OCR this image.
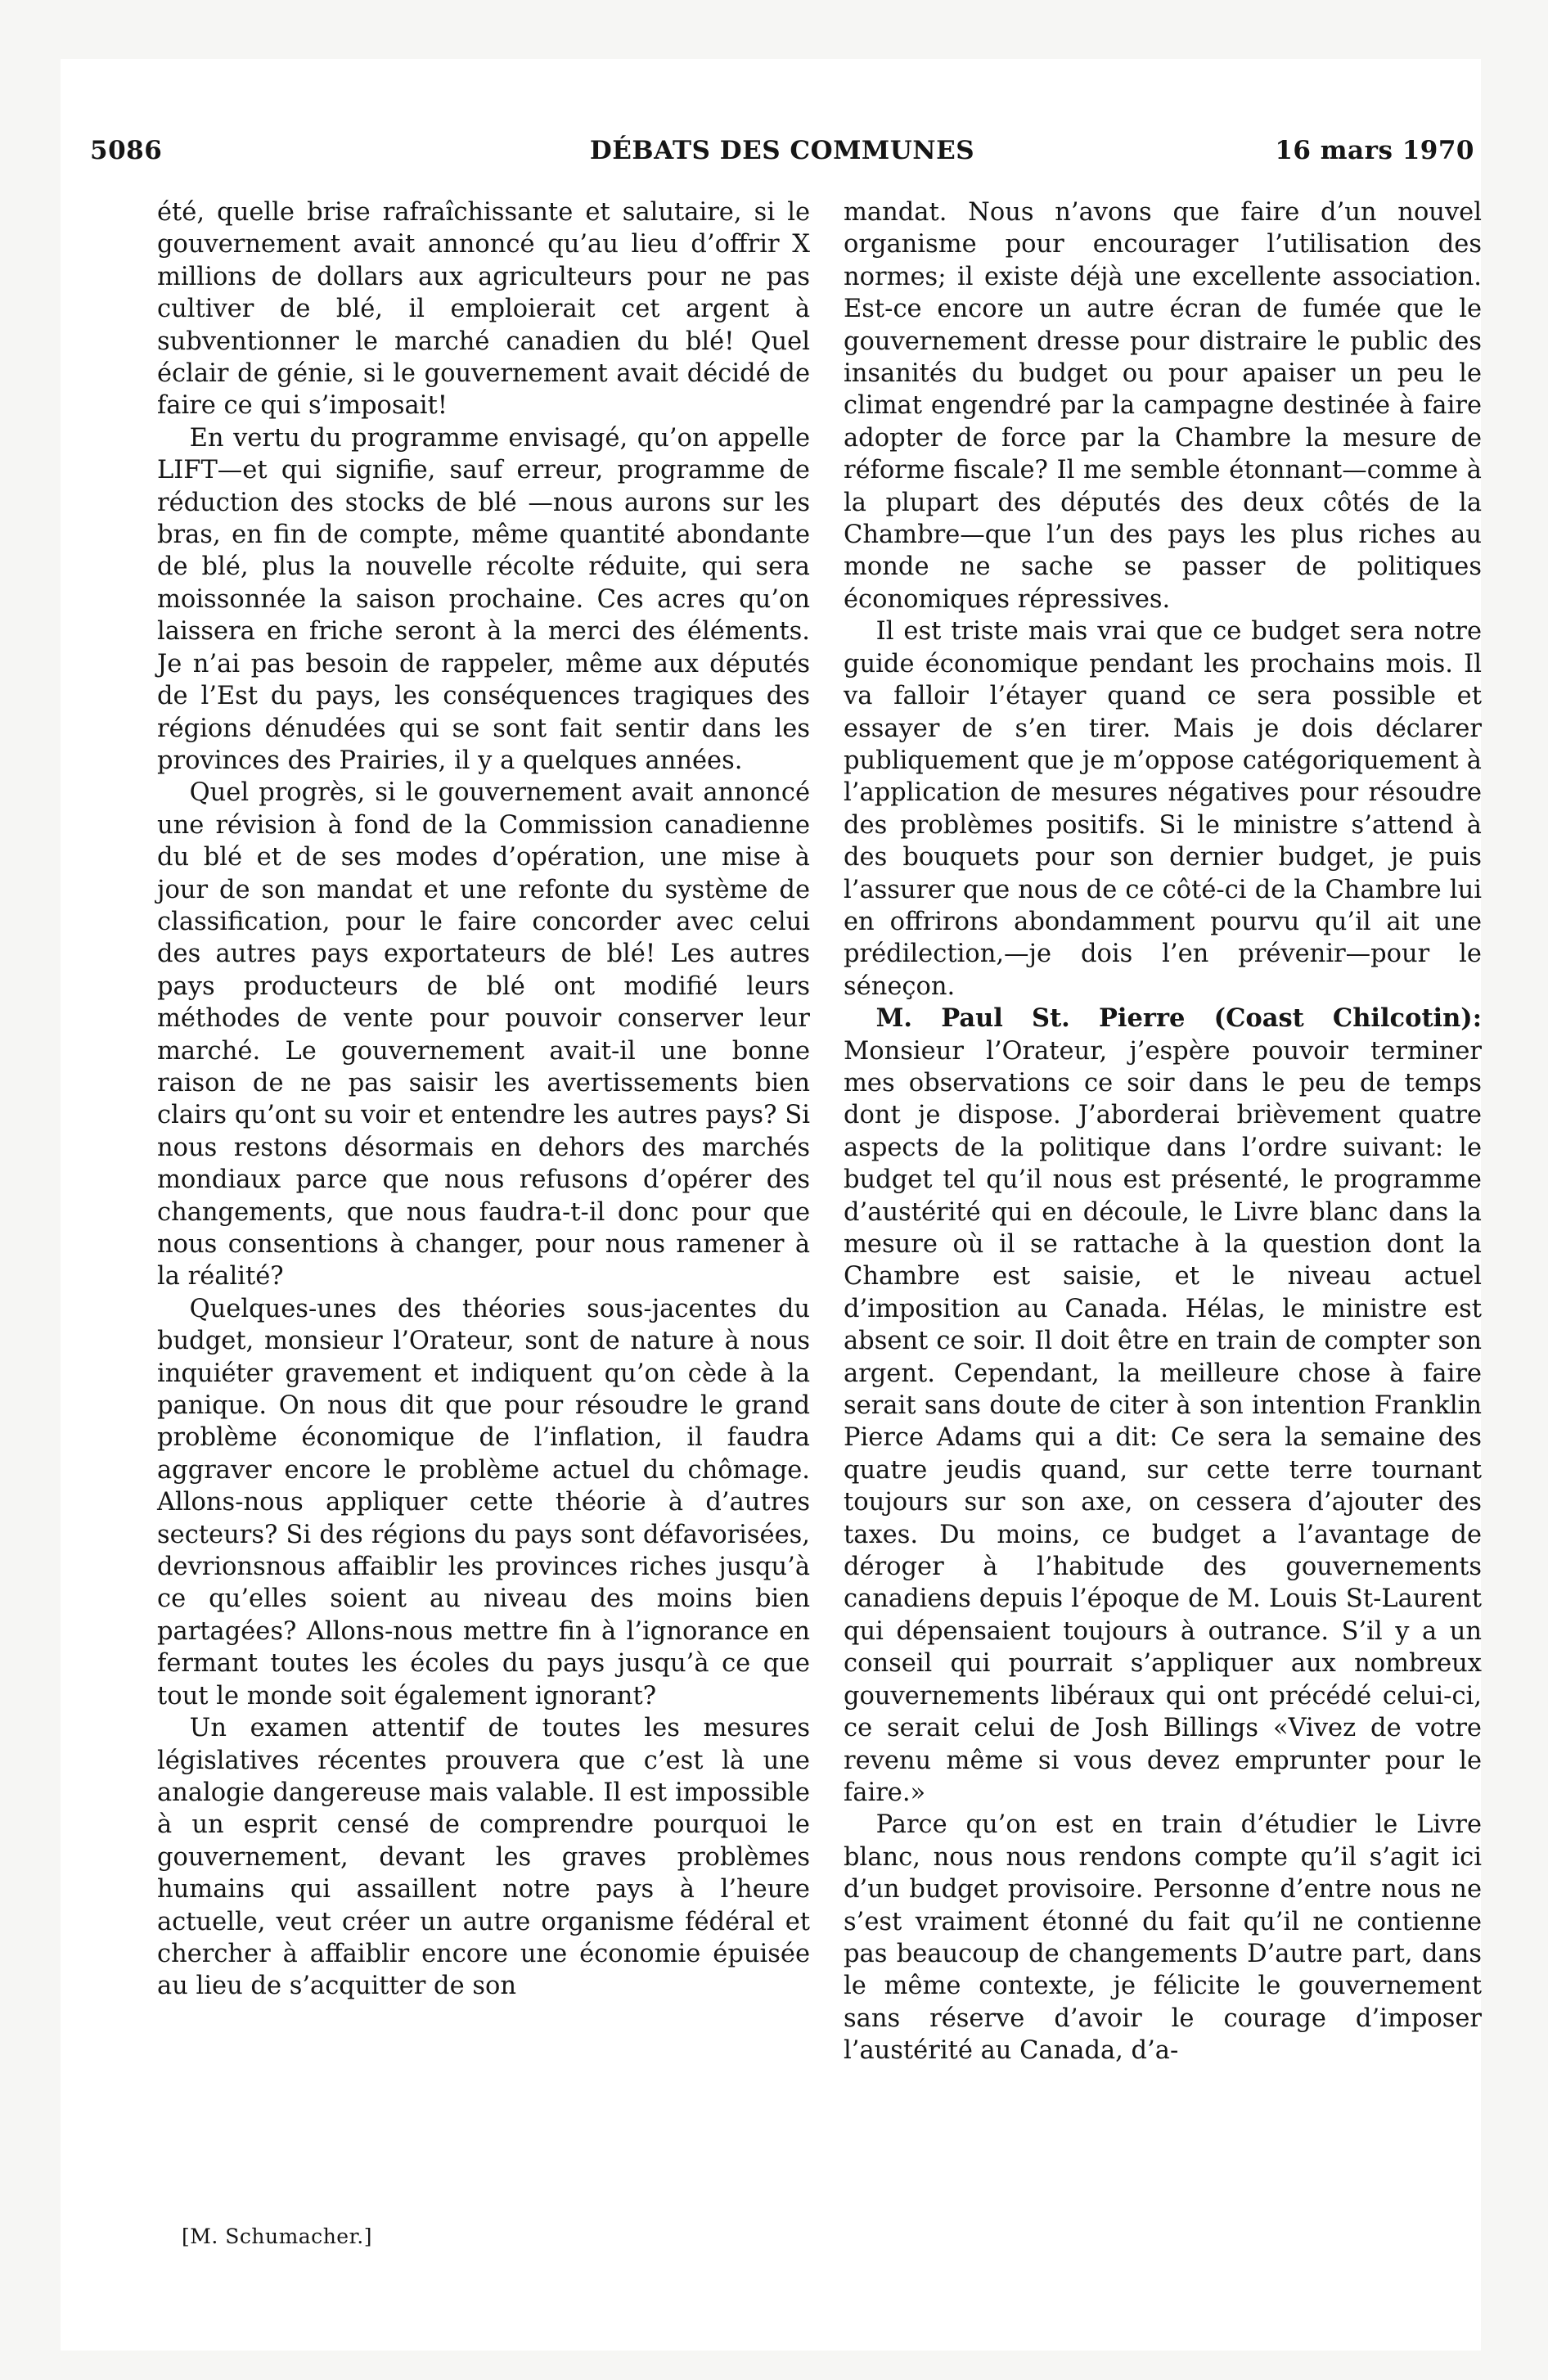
5086	DÉBATS DES COMMUNES	16 mars 1970

été, quelle brise rafraîchissante et salutaire, si le gouvernement avait annoncé qu’au lieu d’offrir X millions de dollars aux agriculteurs pour ne pas cultiver de blé, il emploierait cet argent à subventionner le marché canadien du blé! Quel éclair de génie, si le gouvernement avait décidé de faire ce qui s’imposait!

En vertu du programme envisagé, qu’on appelle LIFT—et qui signifie, sauf erreur, programme de réduction des stocks de blé —nous aurons sur les bras, en fin de compte, même quantité abondante de blé, plus la nouvelle récolte réduite, qui sera moissonnée la saison prochaine. Ces acres qu’on laissera en friche seront à la merci des éléments. Je n’ai pas besoin de rappeler, même aux députés de l’Est du pays, les conséquences tragiques des régions dénudées qui se sont fait sentir dans les provinces des Prairies, il y a quelques années.

Quel progrès, si le gouvernement avait annoncé une révision à fond de la Commission canadienne du blé et de ses modes d’opération, une mise à jour de son mandat et une refonte du système de classification, pour le faire concorder avec celui des autres pays exportateurs de blé! Les autres pays producteurs de blé ont modifié leurs méthodes de vente pour pouvoir conserver leur marché. Le gouvernement avait-il une bonne raison de ne pas saisir les avertissements bien clairs qu’ont su voir et entendre les autres pays? Si nous restons désormais en dehors des marchés mondiaux parce que nous refusons d’opérer des changements, que nous faudra-t-il donc pour que nous consentions à changer, pour nous ramener à la réalité?

Quelques-unes des théories sous-jacentes du budget, monsieur l’Orateur, sont de nature à nous inquiéter gravement et indiquent qu’on cède à la panique. On nous dit que pour résoudre le grand problème économique de l’inflation, il faudra aggraver encore le problème actuel du chômage. Allons-nous appliquer cette théorie à d’autres secteurs? Si des régions du pays sont défavorisées, devrionsnous affaiblir les provinces riches jusqu’à ce qu’elles soient au niveau des moins bien partagées? Allons-nous mettre fin à l’ignorance en fermant toutes les écoles du pays jusqu’à ce que tout le monde soit également ignorant?

Un examen attentif de toutes les mesures législatives récentes prouvera que c’est là une analogie dangereuse mais valable. Il est impossible à un esprit censé de comprendre pourquoi le gouvernement, devant les graves problèmes humains qui assaillent notre pays à l’heure actuelle, veut créer un autre organisme fédéral et chercher à affaiblir encore une économie épuisée au lieu de s’acquitter de son

mandat. Nous n’avons que faire d’un nouvel organisme pour encourager l’utilisation des normes; il existe déjà une excellente association. Est-ce encore un autre écran de fumée que le gouvernement dresse pour distraire le public des insanités du budget ou pour apaiser un peu le climat engendré par la campagne destinée à faire adopter de force par la Chambre la mesure de réforme fiscale? Il me semble étonnant—comme à la plupart des députés des deux côtés de la Chambre—que l’un des pays les plus riches au monde ne sache se passer de politiques économiques répressives.

Il est triste mais vrai que ce budget sera notre guide économique pendant les prochains mois. Il va falloir l’étayer quand ce sera possible et essayer de s’en tirer. Mais je dois déclarer publiquement que je m’oppose catégoriquement à l’application de mesures négatives pour résoudre des problèmes positifs. Si le ministre s’attend à des bouquets pour son dernier budget, je puis l’assurer que nous de ce côté-ci de la Chambre lui en offrirons abondamment pourvu qu’il ait une prédilection,—je dois l’en prévenir—pour le séneçon.

M. Paul St. Pierre (Coast Chilcotin): Monsieur l’Orateur, j’espère pouvoir terminer mes observations ce soir dans le peu de temps dont je dispose. J’aborderai brièvement quatre aspects de la politique dans l’ordre suivant: le budget tel qu’il nous est présenté, le programme d’austérité qui en découle, le Livre blanc dans la mesure où il se rattache à la question dont la Chambre est saisie, et le niveau actuel d’imposition au Canada. Hélas, le ministre est absent ce soir. Il doit être en train de compter son argent. Cependant, la meilleure chose à faire serait sans doute de citer à son intention Franklin Pierce Adams qui a dit: Ce sera la semaine des quatre jeudis quand, sur cette terre tournant toujours sur son axe, on cessera d’ajouter des taxes. Du moins, ce budget a l’avantage de déroger à l’habitude des gouvernements canadiens depuis l’époque de M. Louis St-Laurent qui dépensaient toujours à outrance. S’il y a un conseil qui pourrait s’appliquer aux nombreux gouvernements libéraux qui ont précédé celui-ci, ce serait celui de Josh Billings «Vivez de votre revenu même si vous devez emprunter pour le faire.»

Parce qu’on est en train d’étudier le Livre blanc, nous nous rendons compte qu’il s’agit ici d’un budget provisoire. Personne d’entre nous ne s’est vraiment étonné du fait qu’il ne contienne pas beaucoup de changements D’autre part, dans le même contexte, je félicite le gouvernement sans réserve d’avoir le courage d’imposer l’austérité au Canada, d’a-

[M. Schumacher.]
